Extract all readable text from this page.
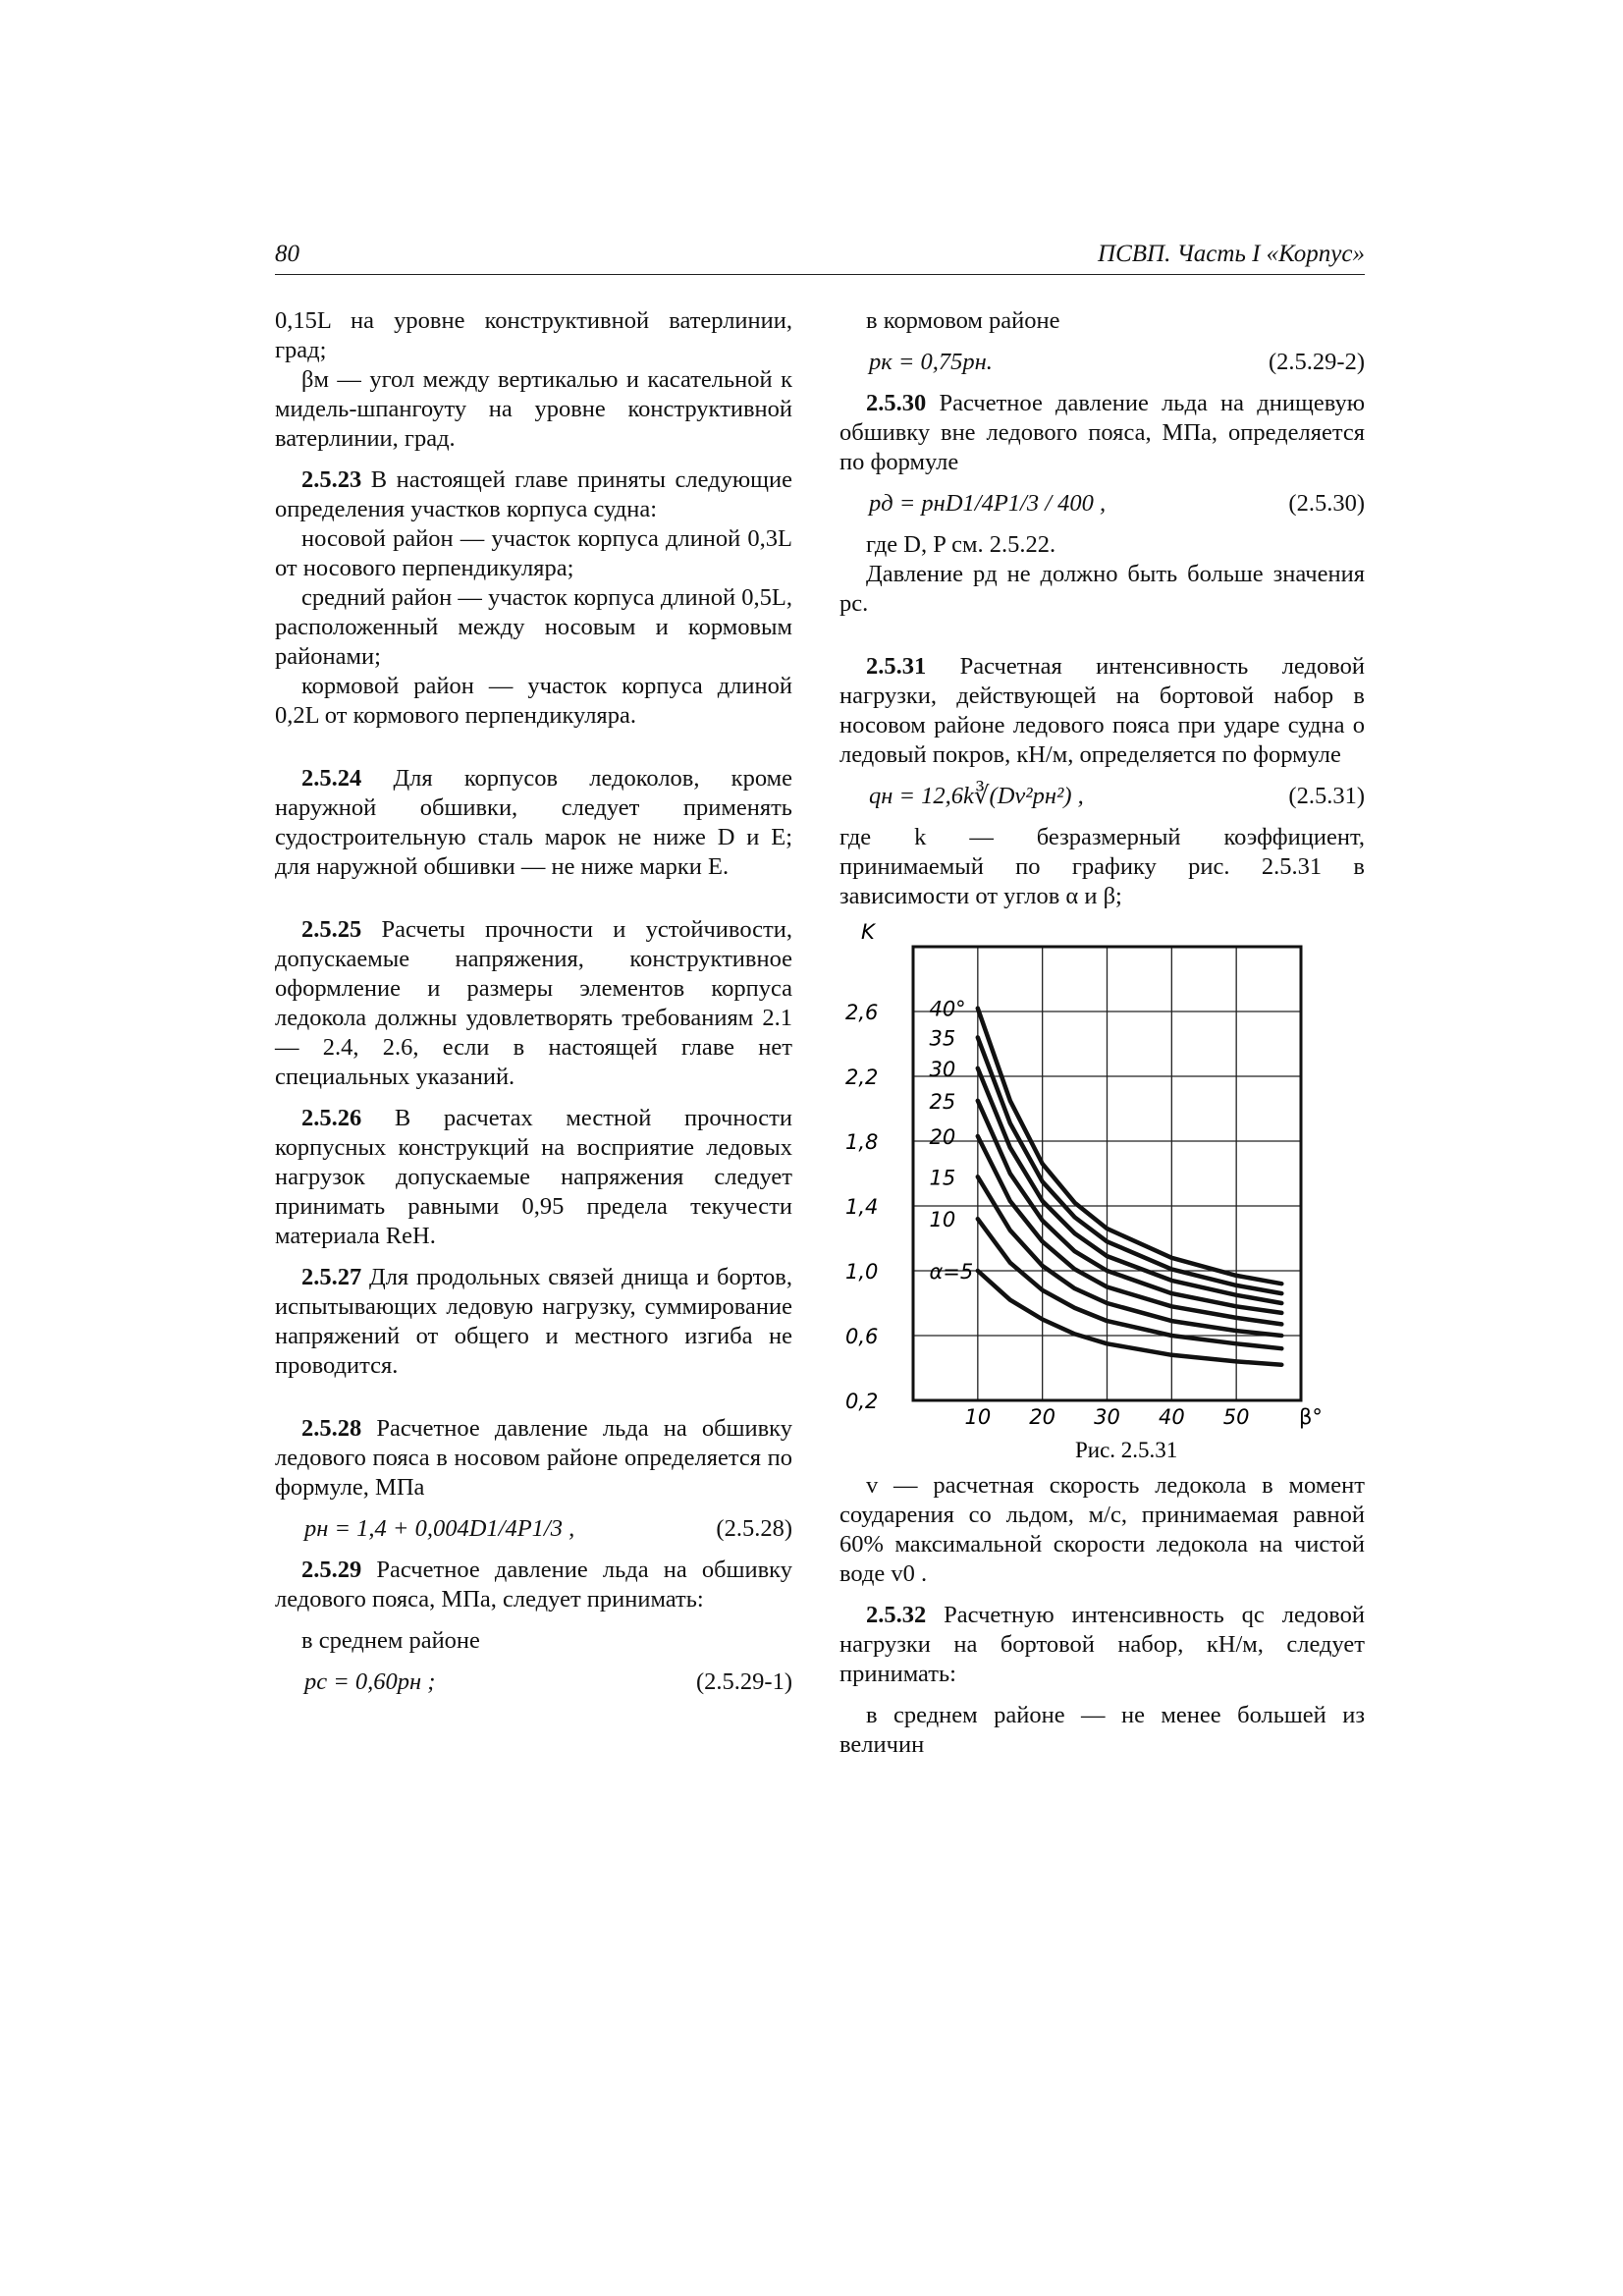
80	ПСВП. Часть I «Корпус»

0,15L на уровне конструктивной ватерлинии, град;

βм — угол между вертикалью и касательной к мидель-шпангоуту на уровне конструктивной ватерлинии, град.

2.5.23 В настоящей главе приняты следующие определения участков корпуса судна:

носовой район — участок корпуса длиной 0,3L от носового перпендикуляра;

средний район — участок корпуса длиной 0,5L, расположенный между носовым и кормовым районами;

кормовой район — участок корпуса длиной 0,2L от кормового перпендикуляра.

2.5.24 Для корпусов ледоколов, кроме наружной обшивки, следует применять судостроительную сталь марок не ниже D и E; для наружной обшивки — не ниже марки E.

2.5.25 Расчеты прочности и устойчивости, допускаемые напряжения, конструктивное оформление и размеры элементов корпуса ледокола должны удовлетворять требованиям 2.1 — 2.4, 2.6, если в настоящей главе нет специальных указаний.

2.5.26 В расчетах местной прочности корпусных конструкций на восприятие ледовых нагрузок допускаемые напряжения следует принимать равными 0,95 предела текучести материала ReH.

2.5.27 Для продольных связей днища и бортов, испытывающих ледовую нагрузку, суммирование напряжений от общего и местного изгиба не проводится.

2.5.28 Расчетное давление льда на обшивку ледового пояса в носовом районе определяется по формуле, МПа

pн = 1,4 + 0,004D1/4P1/3 ,	(2.5.28)

2.5.29 Расчетное давление льда на обшивку ледового пояса, МПа, следует принимать:

в среднем районе

pс = 0,60pн ;	(2.5.29-1)

в кормовом районе

pк = 0,75pн.	(2.5.29-2)

2.5.30 Расчетное давление льда на днищевую обшивку вне ледового пояса, МПа, определяется по формуле

pд = pнD1/4P1/3 / 400 ,	(2.5.30)

где D, P см. 2.5.22.

Давление pд не должно быть больше значения pс.

2.5.31 Расчетная интенсивность ледовой нагрузки, действующей на бортовой набор в носовом районе ледового пояса при ударе судна о ледовый покров, кН/м, определяется по формуле

qн = 12,6k∛(Dv²pн²) ,	(2.5.31)

где k — безразмерный коэффициент, принимаемый по графику рис. 2.5.31 в зависимости от углов α и β;

2,6
2,2
1,8
1,4
1,0
0,6
0,2
10 20 30 40 50
40°
35
30
25
20
15
10
α=5
K
β°
Рис. 2.5.31

v — расчетная скорость ледокола в момент соударения со льдом, м/с, принимаемая равной 60% максимальной скорости ледокола на чистой воде v0 .

2.5.32 Расчетную интенсивность qс ледовой нагрузки на бортовой набор, кН/м, следует принимать:

в среднем районе — не менее большей из величин
